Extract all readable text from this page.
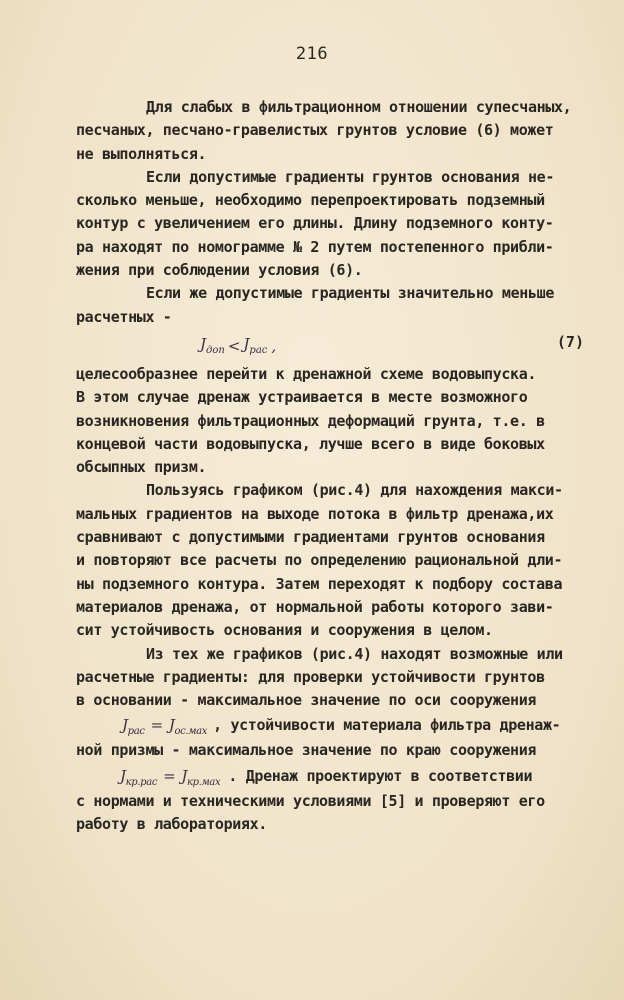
216
Для слабых в фильтрационном отношении супесчаных,
песчаных, песчано-гравелистых грунтов условие (6) может
не выполняться.
Если допустимые градиенты грунтов основания не-
сколько меньше, необходимо перепроектировать подземный
контур с увеличением его длины. Длину подземного конту-
ра находят по номограмме № 2 путем постепенного прибли-
жения при соблюдении условия (6).
Если же допустимые градиенты значительно меньше
расчетных -
$J_{доп} < J_{рас}$ ,	(7)
целесообразнее перейти к дренажной схеме водовыпуска.
В этом случае дренаж устраивается в месте возможного
возникновения фильтрационных деформаций грунта, т.е. в
концевой части водовыпуска, лучше всего в виде боковых
обсыпных призм.
Пользуясь графиком (рис.4) для нахождения макси-
мальных градиентов на выходе потока в фильтр дренажа,их
сравнивают с допустимыми градиентами грунтов основания
и повторяют все расчеты по определению рациональной дли-
ны подземного контура. Затем переходят к подбору состава
материалов дренажа, от нормальной работы которого зави-
сит устойчивость основания и сооружения в целом.
Из тех же графиков (рис.4) находят возможные или
расчетные градиенты: для проверки устойчивости грунтов
в основании - максимальное значение по оси сооружения
$J_{рас} = J_{ос.мах}$ , устойчивости материала фильтра дренаж-
ной призмы - максимальное значение по краю сооружения
$J_{кр.рас} = J_{кр.мах}$ . Дренаж проектируют в соответствии
с нормами и техническими условиями [5] и проверяют его
работу в лабораториях.
